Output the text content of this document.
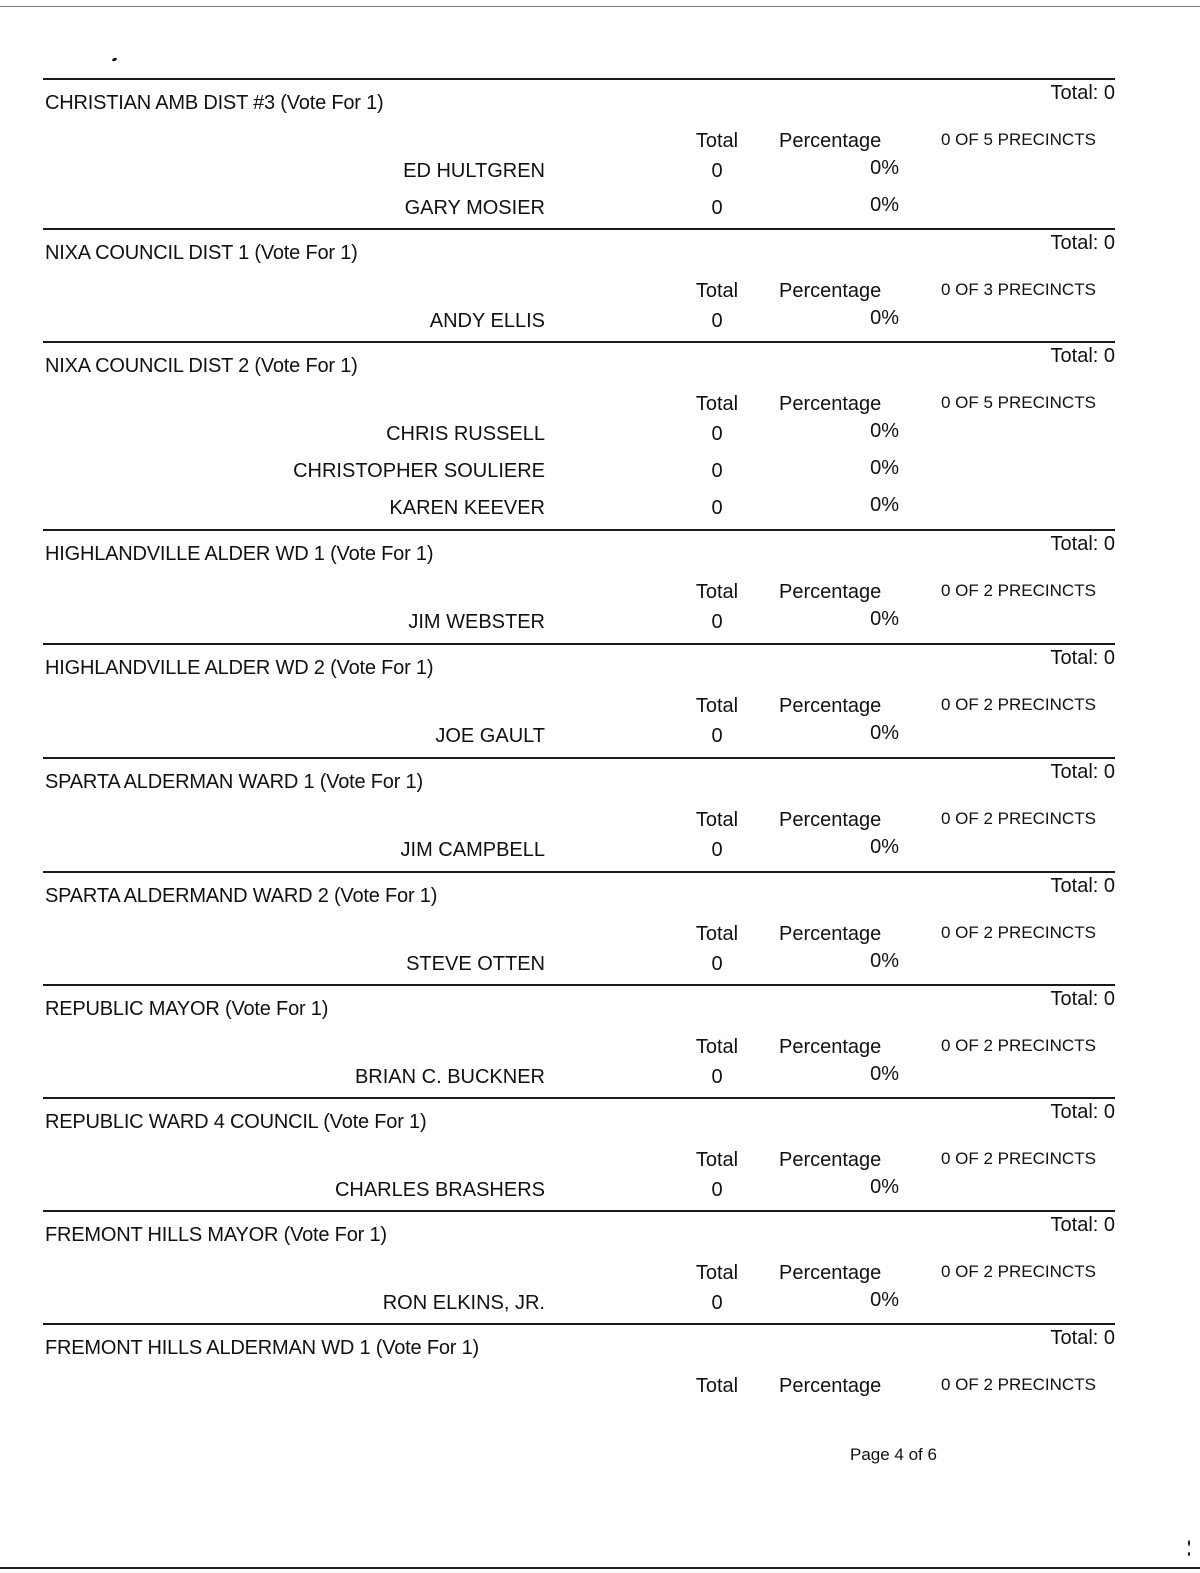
CHRISTIAN AMB DIST #3 (Vote For 1)	Total: 0
Total Percentage	0 OF 5 PRECINCTS
ED HULTGREN	0	0%
GARY MOSIER	0	0%
NIXA COUNCIL DIST 1 (Vote For 1)	Total: 0
Total Percentage	0 OF 3 PRECINCTS
ANDY ELLIS	0	0%
NIXA COUNCIL DIST 2 (Vote For 1)	Total: 0
Total Percentage	0 OF 5 PRECINCTS
CHRIS RUSSELL	0	0%
CHRISTOPHER SOULIERE	0	0%
KAREN KEEVER	0	0%
HIGHLANDVILLE ALDER WD 1 (Vote For 1)	Total: 0
Total Percentage	0 OF 2 PRECINCTS
JIM WEBSTER	0	0%
HIGHLANDVILLE ALDER WD 2 (Vote For 1)	Total: 0
Total Percentage	0 OF 2 PRECINCTS
JOE GAULT	0	0%
SPARTA ALDERMAN WARD 1 (Vote For 1)	Total: 0
Total Percentage	0 OF 2 PRECINCTS
JIM CAMPBELL	0	0%
SPARTA ALDERMAND WARD 2 (Vote For 1)	Total: 0
Total Percentage	0 OF 2 PRECINCTS
STEVE OTTEN	0	0%
REPUBLIC MAYOR (Vote For 1)	Total: 0
Total Percentage	0 OF 2 PRECINCTS
BRIAN C. BUCKNER	0	0%
REPUBLIC WARD 4 COUNCIL (Vote For 1)	Total: 0
Total Percentage	0 OF 2 PRECINCTS
CHARLES BRASHERS	0	0%
FREMONT HILLS MAYOR (Vote For 1)	Total: 0
Total Percentage	0 OF 2 PRECINCTS
RON ELKINS, JR.	0	0%
FREMONT HILLS ALDERMAN WD 1 (Vote For 1)	Total: 0
Total Percentage	0 OF 2 PRECINCTS
Page 4 of 6
